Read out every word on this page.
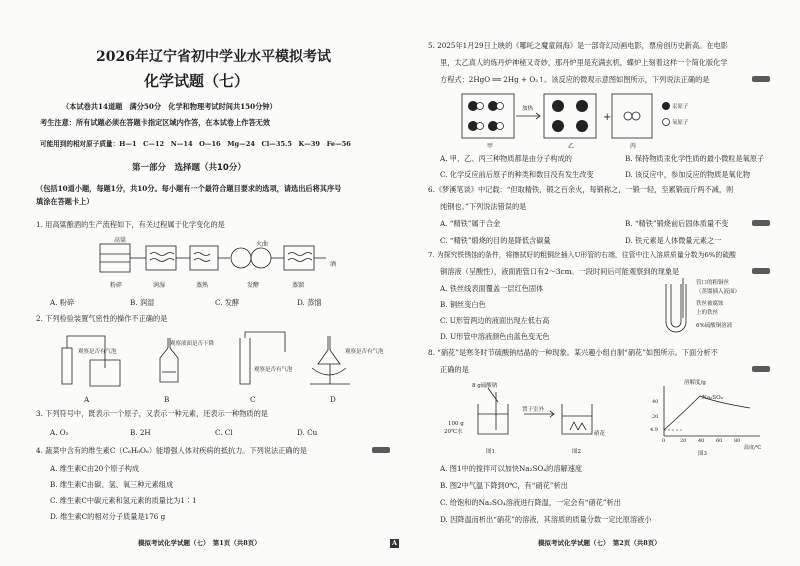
2026年辽宁省初中学业水平模拟考试
化学试题（七）
（本试卷共14道题　满分50分　化学和物理考试时间共150分钟）
考生注意：所有试题必须在答题卡指定区域内作答，在本试卷上作答无效
可能用到的相对原子质量：H—1　C—12　N—14　O—16　Mg—24　Cl—35.5　K—39　Fe—56
第一部分　选择题（共10分）
（包括10道小题，每题1分，共10分。每小题有一个最符合题目要求的选项，请选出后将其序号
填涂在答题卡上）
1. 用高粱酿酒的生产流程如下，有关过程属于化学变化的是
高粱
火曲
粉碎	润湿	蒸熟	发酵	蒸馏
酒
A. 粉碎	B. 润湿	C. 发酵	D. 蒸馏
2. 下列检验装置气密性的操作不正确的是
观察是否有气泡
观察液面是否下降
观察是否有气泡
观察是否有气泡
A	B	C	D
3. 下列符号中，既表示一个原子，又表示一种元素，还表示一种物质的是
A. O₂	B. 2H	C. Cl	D. Cu
4. 蔬菜中含有的维生素C（C₆H₈O₆）能增强人体对疾病的抵抗力。下列说法正确的是
A. 维生素C由20个原子构成
B. 维生素C由碳、氢、氧三种元素组成
C. 维生素C中碳元素和氢元素的质量比为1∶1
D. 维生素C的相对分子质量是176 g
模拟考试化学试题（七）　第1页（共8页）	A
5. 2025年1月29日上映的《哪吒之魔童闹海》是一部奇幻动画电影，票房创历史新高。在电影
里，太乙真人的炼丹炉神秘又奇妙，那丹炉里是充满玄机，蝶炉上刻着这样一个简化版化学
方程式：2HgO ══ 2Hg + O₂↑。该反应的微观示意图如图所示，下列说法正确的是
+
甲	乙	丙
加热	汞原子
氧原子
A. 甲、乙、丙三种物质都是由分子构成的	B. 保持物质汞化学性质的最小微粒是氧原子
C. 化学反应前后原子的种类和数目没有发生改变	D. 该反应中，参加反应的物质是氧化物
6.《梦溪笔谈》中记载：“但取精铁，锻之百余火，每锻称之，一锻一轻，至累锻而斤两不减，则
纯钢也。”下列说法错误的是
A. “精铁”属于合金	B. “精铁”锻烧前后固体质量不变
C. “精铁”煅烧的目的是降低含碳量	D. 铁元素是人体微量元素之一
7. 为探究铁锈蚀的条件，将擦拭好的粗铜丝插入U形管的右端，往管中注入溶质质量分数为6%的硫酸
铜溶液（呈酸性），液面距管口有2～3cm。一段时间后可能观察到的现象是
A. 铁丝线表面覆盖一层红色固体
B. 铜丝变白色
C. U形管两边的液面出现左低右高
D. U形管中溶液颜色由蓝色变无色
管口的粗铜丝
（蒸馏插入液面）
铁丝被腐蚀
上的铁丝
6%硫酸铜溶液
8. “硝花”是寒冬时节硫酸钠结晶的一种现象。某兴趣小组自制“硝花”如图所示。下面分析不
正确的是
8 g硫酸钠
100 g
20℃水
置于室外
硝花
图1	图2
溶解度/g
Na₂SO₄
40
20
4.9
0	20 40 60 80
温度/℃
图3
A. 图1中的搅拌可以加快Na₂SO₄的溶解速度
B. 图2中气温下降到0℃，有“硝花”析出
C. 给饱和的Na₂SO₄溶液进行降温，一定会有“硝花”析出
D. 因降温而析出“硝花”的溶液，其溶质的质量分数一定比原溶液小
模拟考试化学试题（七）　第2页（共8页）
